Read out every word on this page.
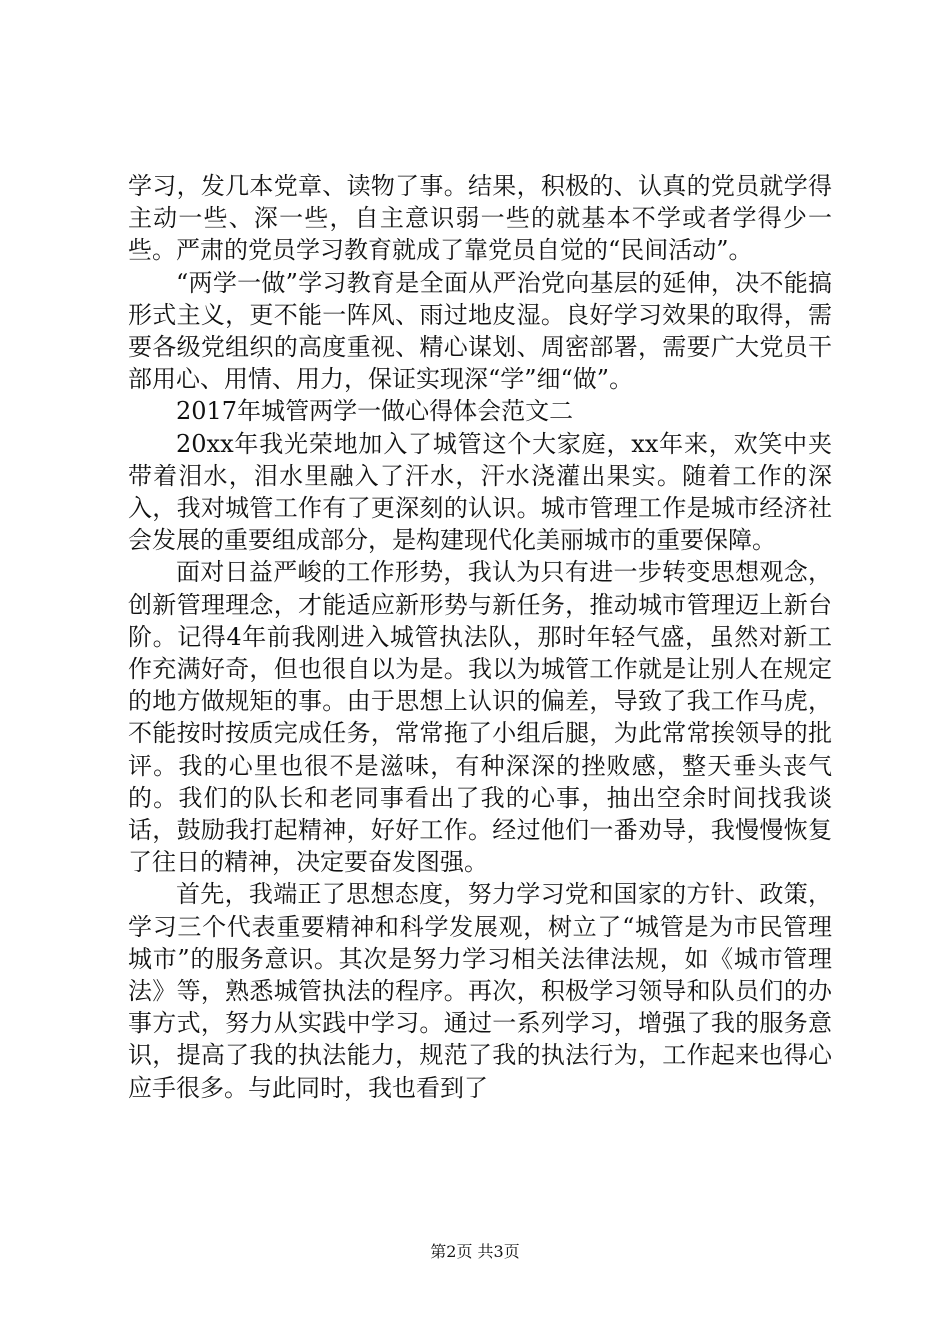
学习，发几本党章、读物了事。结果，积极的、认真的党员就学得主动一些、深一些，自主意识弱一些的就基本不学或者学得少一些。严肃的党员学习教育就成了靠党员自觉的“民间活动”。

“两学一做”学习教育是全面从严治党向基层的延伸，决不能搞形式主义，更不能一阵风、雨过地皮湿。良好学习效果的取得，需要各级党组织的高度重视、精心谋划、周密部署，需要广大党员干部用心、用情、用力，保证实现深“学”细“做”。

2017年城管两学一做心得体会范文二

20xx年我光荣地加入了城管这个大家庭，xx年来，欢笑中夹带着泪水，泪水里融入了汗水，汗水浇灌出果实。随着工作的深入，我对城管工作有了更深刻的认识。城市管理工作是城市经济社会发展的重要组成部分，是构建现代化美丽城市的重要保障。

面对日益严峻的工作形势，我认为只有进一步转变思想观念，创新管理理念，才能适应新形势与新任务，推动城市管理迈上新台阶。记得4年前我刚进入城管执法队，那时年轻气盛，虽然对新工作充满好奇，但也很自以为是。我以为城管工作就是让别人在规定的地方做规矩的事。由于思想上认识的偏差，导致了我工作马虎，不能按时按质完成任务，常常拖了小组后腿，为此常常挨领导的批评。我的心里也很不是滋味，有种深深的挫败感，整天垂头丧气的。我们的队长和老同事看出了我的心事，抽出空余时间找我谈话，鼓励我打起精神，好好工作。经过他们一番劝导，我慢慢恢复了往日的精神，决定要奋发图强。

首先，我端正了思想态度，努力学习党和国家的方针、政策，学习三个代表重要精神和科学发展观，树立了“城管是为市民管理城市”的服务意识。其次是努力学习相关法律法规，如《城市管理法》等，熟悉城管执法的程序。再次，积极学习领导和队员们的办事方式，努力从实践中学习。通过一系列学习，增强了我的服务意识，提高了我的执法能力，规范了我的执法行为，工作起来也得心应手很多。与此同时，我也看到了

第2页 共3页
